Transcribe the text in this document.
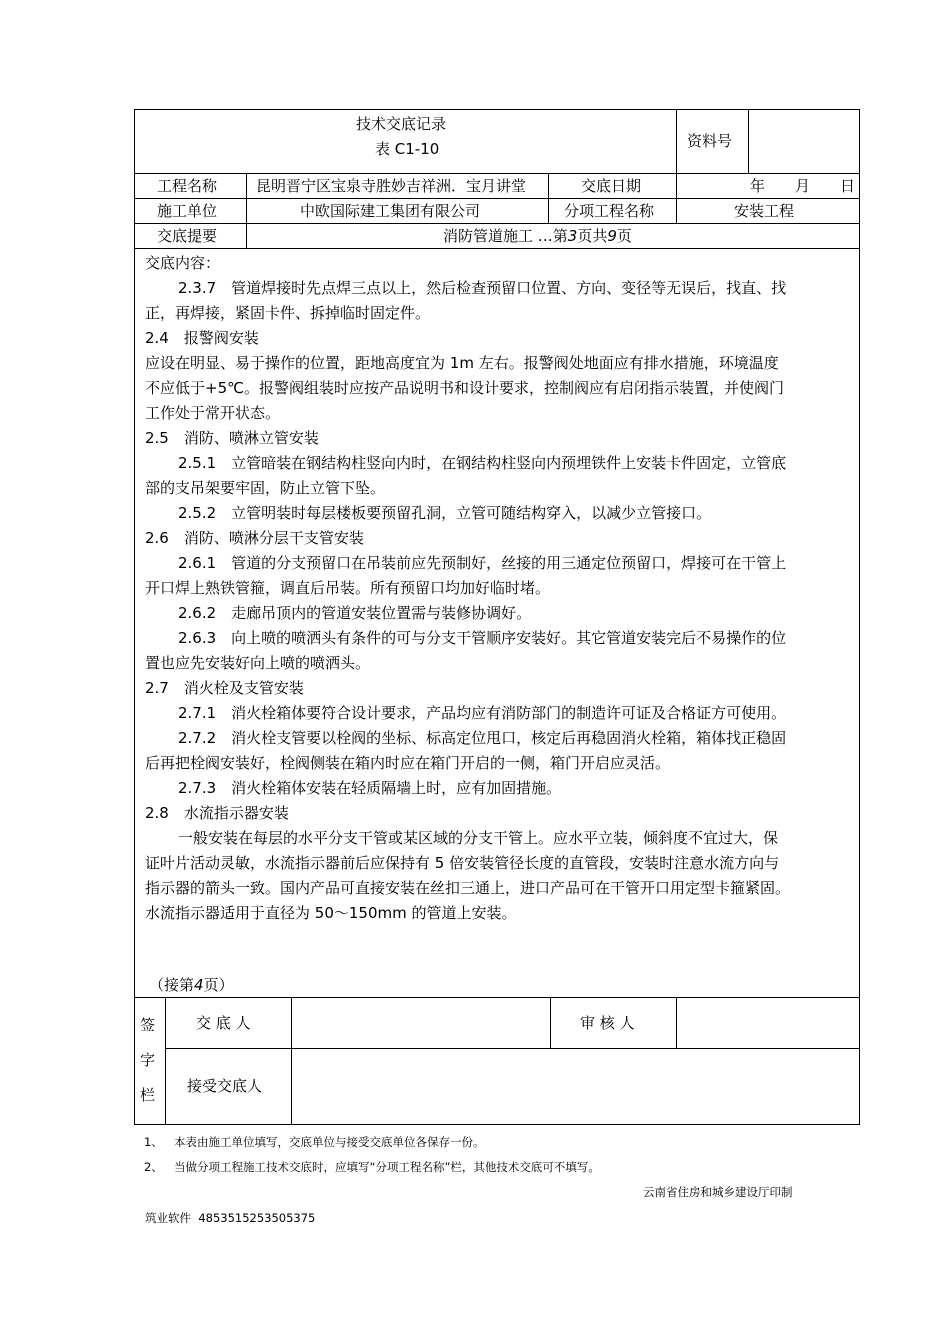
技术交底记录
表 C1-10	资料号
工程名称	昆明晋宁区宝泉寺胜妙吉祥洲．宝月讲堂	交底日期	年　　月　　日
施工单位	中欧国际建工集团有限公司	分项工程名称	安装工程
交底提要	消防管道施工 …第3页共9页
交底内容：
2.3.7　管道焊接时先点焊三点以上，然后检查预留口位置、方向、变径等无误后，找直、找
正，再焊接，紧固卡件、拆掉临时固定件。
2.4　报警阀安装
应设在明显、易于操作的位置，距地高度宜为 1m 左右。报警阀处地面应有排水措施，环境温度
不应低于+5℃。报警阀组装时应按产品说明书和设计要求，控制阀应有启闭指示装置，并使阀门
工作处于常开状态。
2.5　消防、喷淋立管安装
2.5.1　立管暗装在钢结构柱竖向内时，在钢结构柱竖向内预埋铁件上安装卡件固定，立管底
部的支吊架要牢固，防止立管下坠。
2.5.2　立管明装时每层楼板要预留孔洞，立管可随结构穿入，以减少立管接口。
2.6　消防、喷淋分层干支管安装
2.6.1　管道的分支预留口在吊装前应先预制好，丝接的用三通定位预留口，焊接可在干管上
开口焊上熟铁管箍，调直后吊装。所有预留口均加好临时堵。
2.6.2　走廊吊顶内的管道安装位置需与装修协调好。
2.6.3　向上喷的喷洒头有条件的可与分支干管顺序安装好。其它管道安装完后不易操作的位
置也应先安装好向上喷的喷洒头。
2.7　消火栓及支管安装
2.7.1　消火栓箱体要符合设计要求，产品均应有消防部门的制造许可证及合格证方可使用。
2.7.2　消火栓支管要以栓阀的坐标、标高定位甩口，核定后再稳固消火栓箱，箱体找正稳固
后再把栓阀安装好，栓阀侧装在箱内时应在箱门开启的一侧，箱门开启应灵活。
2.7.3　消火栓箱体安装在轻质隔墙上时，应有加固措施。
2.8　水流指示器安装
一般安装在每层的水平分支干管或某区域的分支干管上。应水平立装，倾斜度不宜过大，保
证叶片活动灵敏，水流指示器前后应保持有 5 倍安装管径长度的直管段，安装时注意水流方向与
指示器的箭头一致。国内产品可直接安装在丝扣三通上，进口产品可在干管开口用定型卡箍紧固。
水流指示器适用于直径为 50～150mm 的管道上安装。
（接第4页）
签
字
栏
交 底 人	审 核 人
接受交底人
1、 本表由施工单位填写，交底单位与接受交底单位各保存一份。
2、 当做分项工程施工技术交底时，应填写“分项工程名称”栏，其他技术交底可不填写。
云南省住房和城乡建设厅印制
筑业软件 4853515253505375
